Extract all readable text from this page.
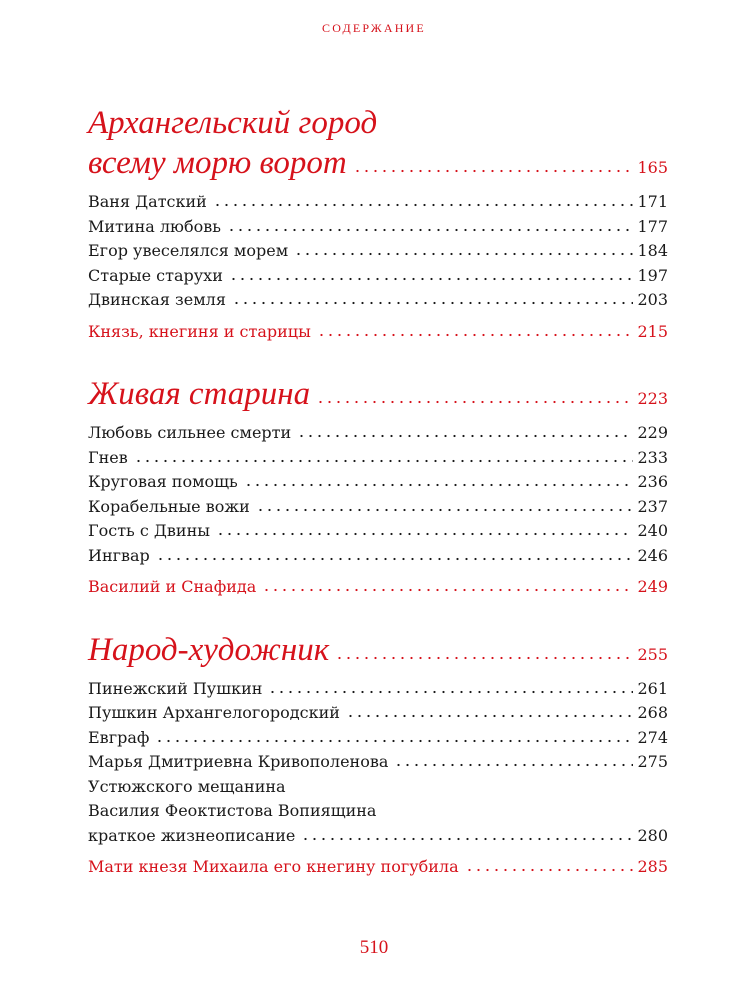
СОДЕРЖАНИЕ
Архангельский город
всему морю ворот	165
Ваня Датский	171
Митина любовь	177
Егор увеселялся морем	184
Старые старухи	197
Двинская земля	203
Князь, кнегиня и старицы	215
Живая старина	223
Любовь сильнее смерти	229
Гнев	233
Круговая помощь	236
Корабельные вожи	237
Гость с Двины	240
Ингвар	246
Василий и Снафида	249
Народ-художник	255
Пинежский Пушкин	261
Пушкин Архангелогородский	268
Евграф	274
Марья Дмитриевна Кривополенова	275
Устюжского мещанина
Василия Феоктистова Вопиящина
краткое жизнеописание	280
Мати кнезя Михаила его кнегину погубила	285
510
